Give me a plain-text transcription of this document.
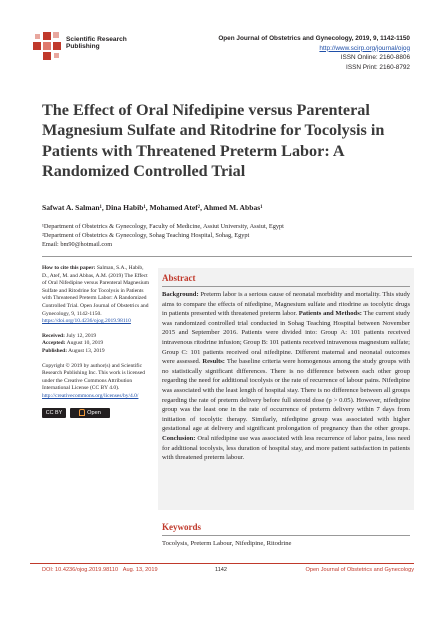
Scientific Research Publishing
Open Journal of Obstetrics and Gynecology, 2019, 9, 1142-1150
http://www.scirp.org/journal/ojog
ISSN Online: 2160-8806
ISSN Print: 2160-8792
The Effect of Oral Nifedipine versus Parenteral Magnesium Sulfate and Ritodrine for Tocolysis in Patients with Threatened Preterm Labor: A Randomized Controlled Trial
Safwat A. Salman¹, Dina Habib¹, Mohamed Atef², Ahmed M. Abbas¹
¹Department of Obstetrics & Gynecology, Faculty of Medicine, Assiut University, Assiut, Egypt
²Department of Obstetrics & Gynecology, Sohag Teaching Hospital, Sohag, Egypt
Email: bm90@hotmail.com

How to cite this paper: Salman, S.A., Habib, D., Atef, M. and Abbas, A.M. (2019) The Effect of Oral Nifedipine versus Parenteral Magnesium Sulfate and Ritodrine for Tocolysis in Patients with Threatened Preterm Labor: A Randomized Controlled Trial. Open Journal of Obstetrics and Gynecology, 9, 1142-1150. https://doi.org/10.4236/ojog.2019.98110

Received: July 12, 2019
Accepted: August 10, 2019
Published: August 13, 2019

Copyright © 2019 by author(s) and Scientific Research Publishing Inc. This work is licensed under the Creative Commons Attribution International License (CC BY 4.0). http://creativecommons.org/licenses/by/4.0/

CC BY	Open Access
Abstract

Background: Preterm labor is a serious cause of neonatal morbidity and mortality. This study aims to compare the effects of nifedipine, Magnesium sulfate and ritodrine as tocolytic drugs in patients presented with threatened preterm labor. Patients and Methods: The current study was randomized controlled trial conducted in Sohag Teaching Hospital between November 2015 and September 2016. Patients were divided into: Group A: 101 patients received intravenous ritodrine infusion; Group B: 101 patients received intravenous magnesium sulfate; Group C: 101 patients received oral nifedipine. Different maternal and neonatal outcomes were assessed. Results: The baseline criteria were homogenous among the study groups with no statistically significant differences. There is no difference between each other group regarding the need for additional tocolysis or the rate of recurrence of labour pains. Nifedipine was associated with the least length of hospital stay. There is no difference between all groups regarding the rate of preterm delivery before full steroid dose (p > 0.05). However, nifedipine group was the least one in the rate of occurrence of preterm delivery within 7 days from initiation of tocolytic therapy. Similarly, nifedipine group was associated with higher gestational age at delivery and significant prolongation of pregnancy than the other groups. Conclusion: Oral nifedipine use was associated with less recurrence of labor pains, less need for additional tocolysis, less duration of hospital stay, and more patient satisfaction in patients with threatened preterm labour.

Keywords
Tocolysis, Preterm Labour, Nifedipine, Ritodrine
DOI: 10.4236/ojog.2019.98110 Aug. 13, 2019	1142	Open Journal of Obstetrics and Gynecology
